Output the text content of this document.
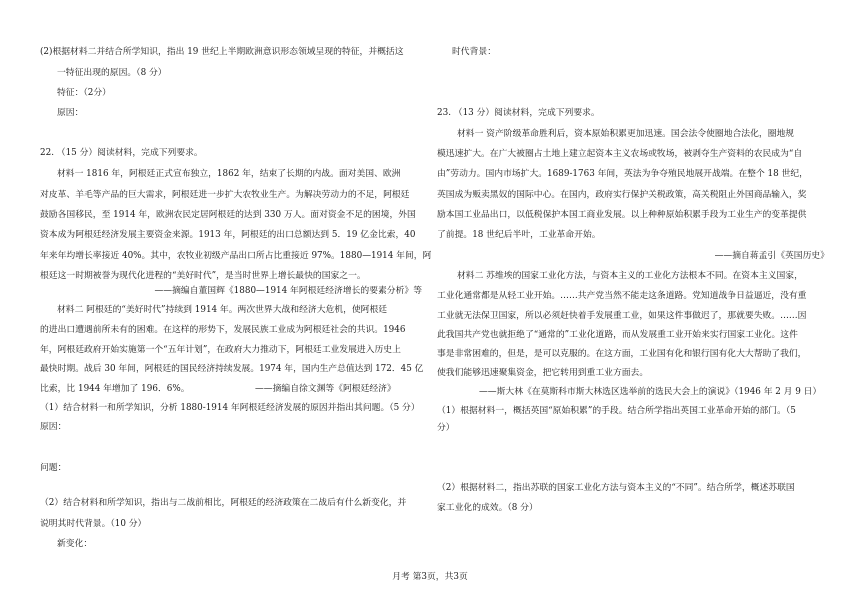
(2)根据材料二并结合所学知识，指出 19 世纪上半期欧洲意识形态领域呈现的特征，并概括这
一特征出现的原因。（8 分）
特征：（2分）
原因：
22. （15 分）阅读材料，完成下列要求。
材料一 1816 年，阿根廷正式宣布独立，1862 年，结束了长期的内战。面对美国、欧洲
对皮革、羊毛等产品的巨大需求，阿根廷进一步扩大农牧业生产。为解决劳动力的不足，阿根廷
鼓励各国移民，至 1914 年，欧洲农民定居阿根廷的达到 330 万人。面对资金不足的困境，外国
资本成为阿根廷经济发展主要资金来源。1913 年，阿根廷的出口总额达到 5．19 亿金比索，40
年来年均增长率接近 40%。其中，农牧业初级产品出口所占比重接近 97%。1880—1914 年间，阿
根廷这一时期被誉为现代化进程的“美好时代”，是当时世界上增长最快的国家之一。
——摘编自董国辉《1880—1914 年阿根廷经济增长的要素分析》等
材料二 阿根廷的“美好时代”持续到 1914 年。两次世界大战和经济大危机，使阿根廷
的进出口遭遇前所未有的困难。在这样的形势下，发展民族工业成为阿根廷社会的共识。1946
年，阿根廷政府开始实施第一个“五年计划”，在政府大力推动下，阿根廷工业发展进入历史上
最快时期。战后 30 年间，阿根廷的国民经济持续发展。1974 年，国内生产总值达到 172．45 亿
比索，比 1944 年增加了 196．6%。	——摘编自徐文渊等《阿根廷经济》
（1）结合材料一和所学知识，分析 1880-1914 年阿根廷经济发展的原因并指出其问题。（5 分）
原因：
问题：
（2）结合材料和所学知识，指出与二战前相比，阿根廷的经济政策在二战后有什么新变化，并
说明其时代背景。（10 分）
新变化：
时代背景：
23. （13 分）阅读材料，完成下列要求。
材料一 资产阶级革命胜利后，资本原始积累更加迅速。国会法令使圈地合法化，圈地规
模迅速扩大。在广大被圈占土地上建立起资本主义农场或牧场，被剥夺生产资料的农民成为“自
由”劳动力。国内市场扩大。1689-1763 年间，英法为争夺殖民地展开战端。在整个 18 世纪，
英国成为贩卖黑奴的国际中心。在国内，政府实行保护关税政策，高关税阻止外国商品输入，奖
励本国工业品出口，以低税保护本国工商业发展。以上种种原始积累手段为工业生产的变革提供
了前提。18 世纪后半叶，工业革命开始。
——摘自蒋孟引《英国历史》
材料二 苏维埃的国家工业化方法，与资本主义的工业化方法根本不同。在资本主义国家，
工业化通常都是从轻工业开始。……共产党当然不能走这条道路。党知道战争日益逼近，没有重
工业就无法保卫国家，所以必须赶快着手发展重工业，如果这件事做迟了，那就要失败。……因
此我国共产党也就拒绝了“通常的”工业化道路，而从发展重工业开始来实行国家工业化。这件
事是非常困难的，但是，是可以克服的。在这方面，工业国有化和银行国有化大大帮助了我们，
使我们能够迅速聚集资金，把它转用到重工业方面去。
——斯大林《在莫斯科市斯大林选区选举前的选民大会上的演说》（1946 年 2 月 9 日）
（1）根据材料一，概括英国“原始积累”的手段。结合所学指出英国工业革命开始的部门。（5
分）
（2）根据材料二，指出苏联的国家工业化方法与资本主义的“不同”。结合所学，概述苏联国
家工业化的成效。（8 分）
月考 第3页，共3页
